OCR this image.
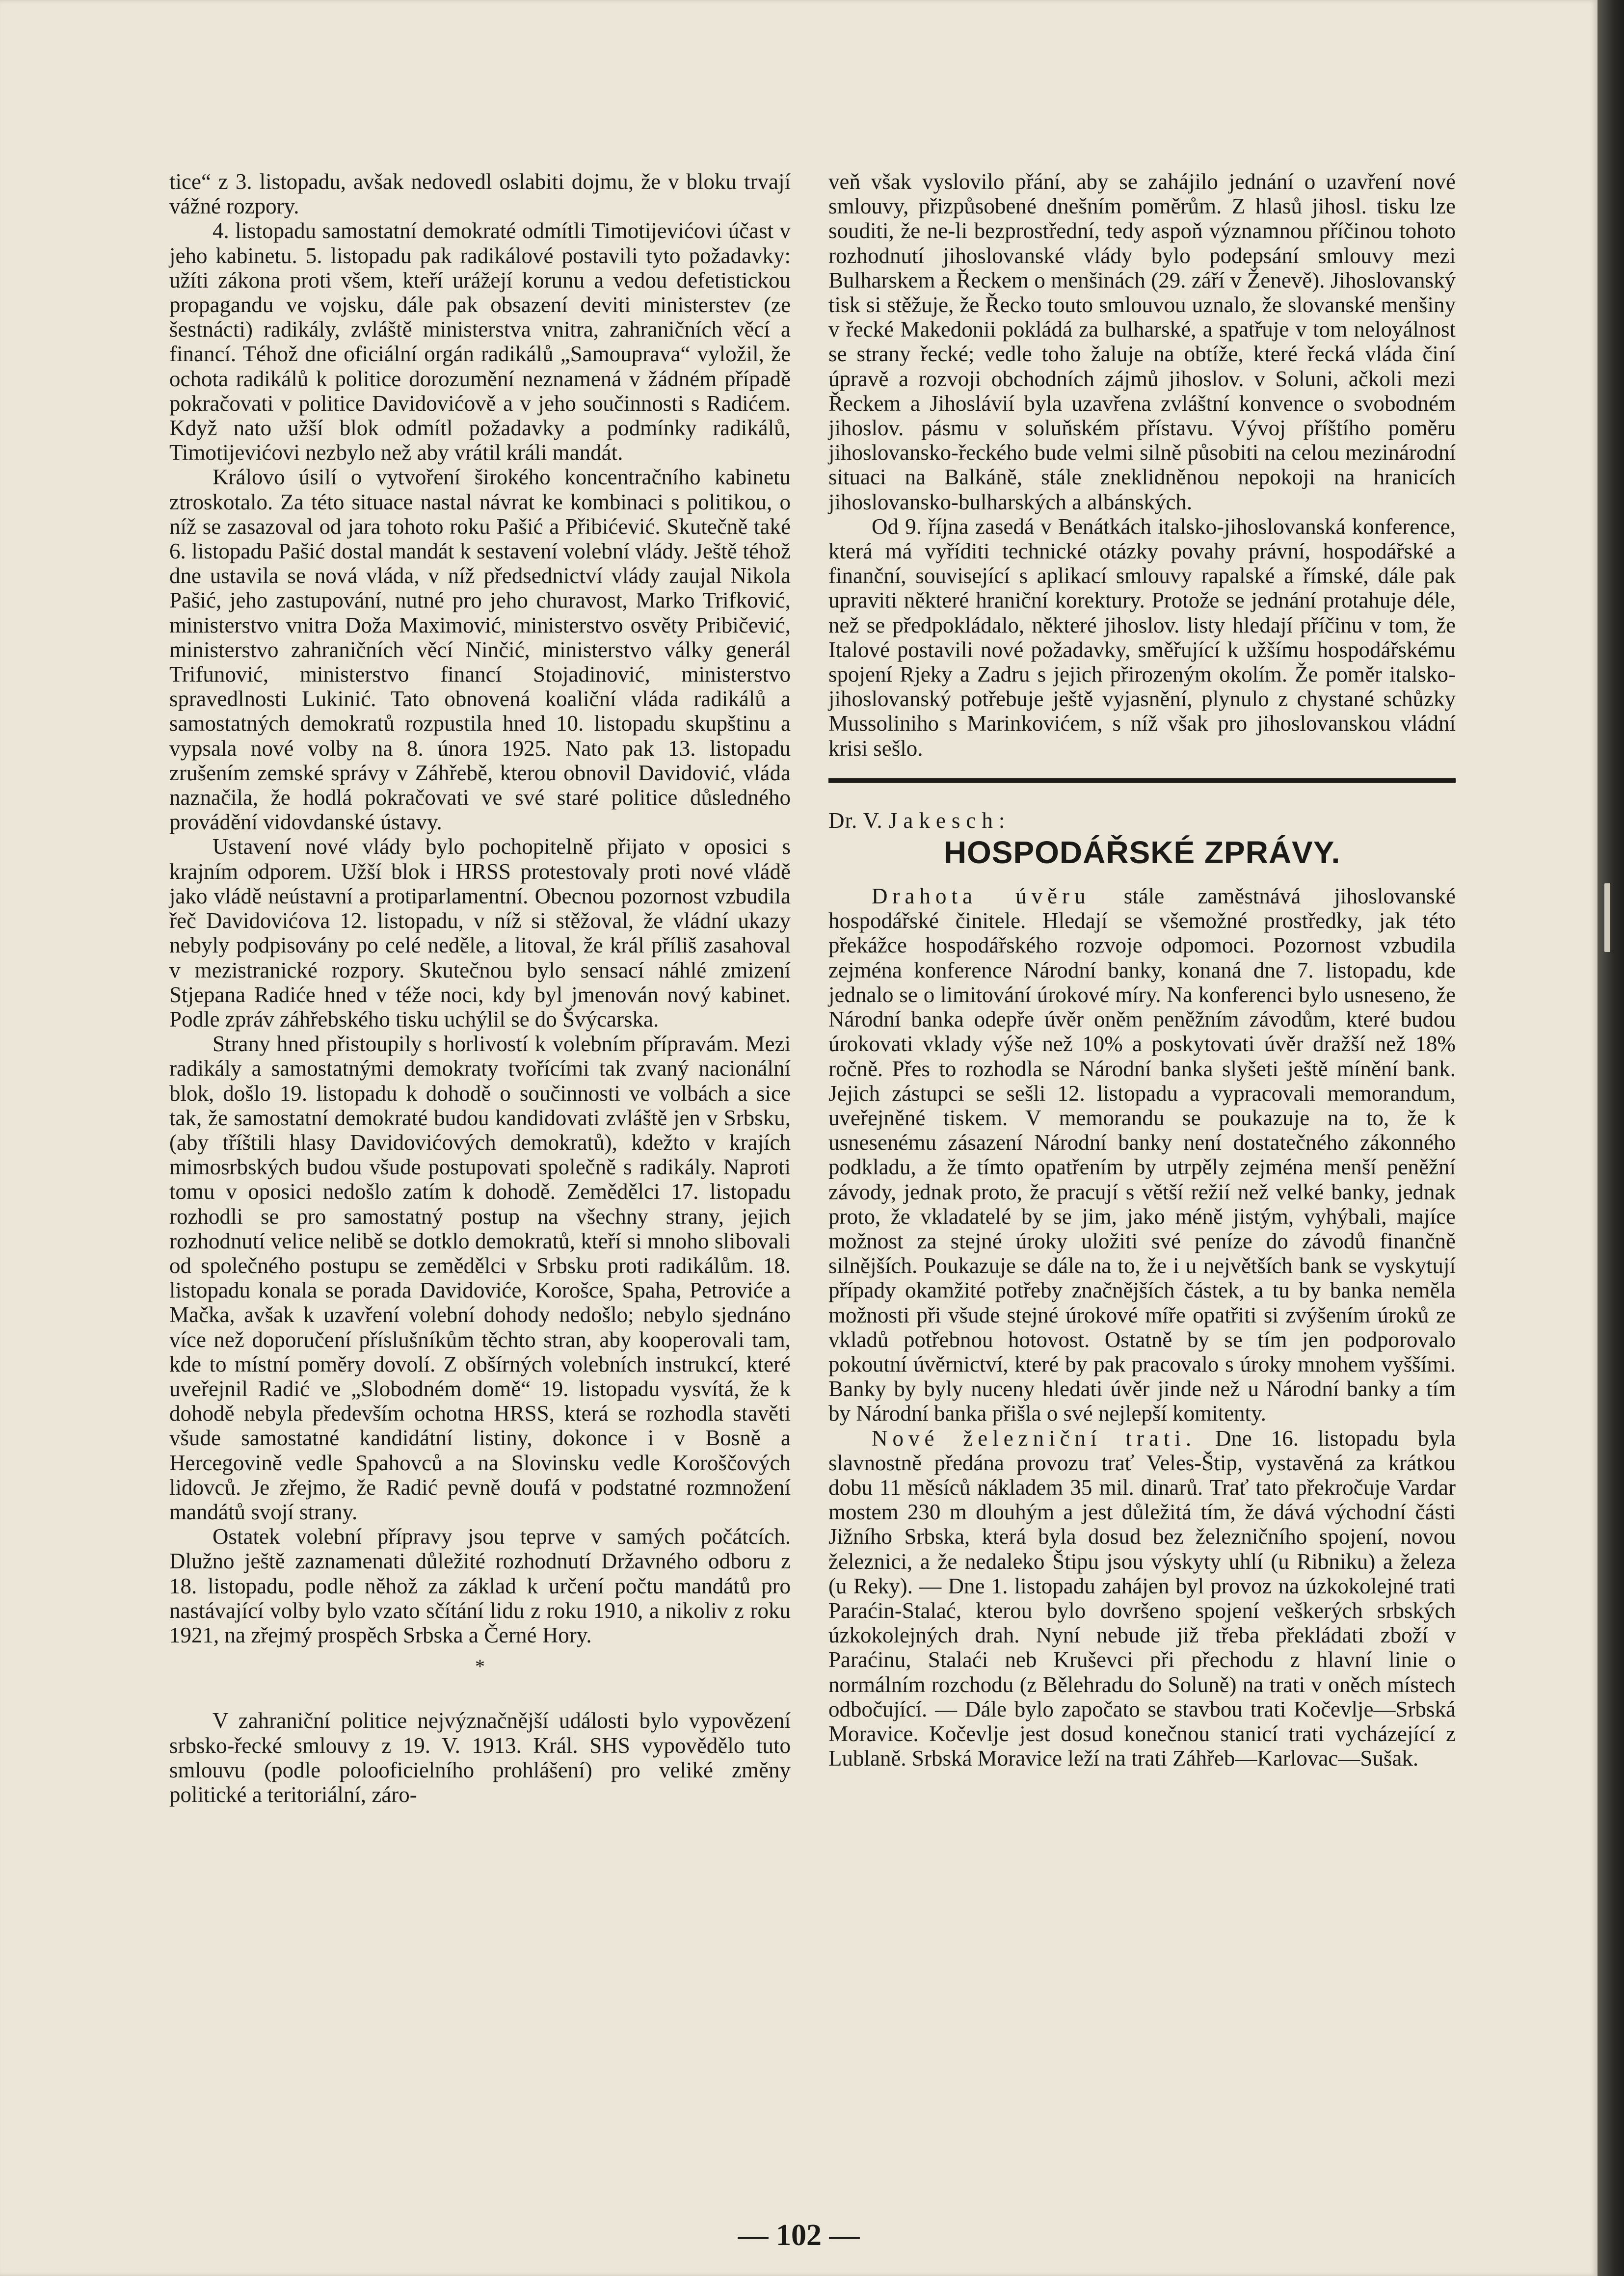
tice“ z 3. listopadu, avšak nedovedl oslabiti dojmu, že v bloku trvají vážné rozpory.

4. listopadu samostatní demokraté odmítli Timotijevićovi účast v jeho kabinetu. 5. listopadu pak radikálové postavili tyto požadavky: užíti zákona proti všem, kteří urážejí korunu a vedou defetistickou propagandu ve vojsku, dále pak obsazení deviti ministerstev (ze šestnácti) radikály, zvláště ministerstva vnitra, zahraničních věcí a financí. Téhož dne oficiální orgán radikálů „Samouprava“ vyložil, že ochota radikálů k politice dorozumění neznamená v žádném případě pokračovati v politice Davidovićově a v jeho součinnosti s Radićem. Když nato užší blok odmítl požadavky a podmínky radikálů, Timotijevićovi nezbylo než aby vrátil králi mandát.

Královo úsilí o vytvoření širokého koncentračního kabinetu ztroskotalo. Za této situace nastal návrat ke kombinaci s politikou, o níž se zasazoval od jara tohoto roku Pašić a Přibićević. Skutečně také 6. listopadu Pašić dostal mandát k sestavení volební vlády. Ještě téhož dne ustavila se nová vláda, v níž předsednictví vlády zaujal Nikola Pašić, jeho zastupování, nutné pro jeho churavost, Marko Trifković, ministerstvo vnitra Doža Maximović, ministerstvo osvěty Pribičević, ministerstvo zahraničních věcí Ninčić, ministerstvo války generál Trifunović, ministerstvo financí Stojadinović, ministerstvo spravedlnosti Lukinić. Tato obnovená koaliční vláda radikálů a samostatných demokratů rozpustila hned 10. listopadu skupštinu a vypsala nové volby na 8. února 1925. Nato pak 13. listopadu zrušením zemské správy v Záhřebě, kterou obnovil Davidović, vláda naznačila, že hodlá pokračovati ve své staré politice důsledného provádění vidovdanské ústavy.

Ustavení nové vlády bylo pochopitelně přijato v oposici s krajním odporem. Užší blok i HRSS protestovaly proti nové vládě jako vládě neústavní a protiparlamentní. Obecnou pozornost vzbudila řeč Davidovićova 12. listopadu, v níž si stěžoval, že vládní ukazy nebyly podpisovány po celé neděle, a litoval, že král příliš zasahoval v mezistranické rozpory. Skutečnou bylo sensací náhlé zmizení Stjepana Radiće hned v téže noci, kdy byl jmenován nový kabinet. Podle zpráv záhřebského tisku uchýlil se do Švýcarska.

Strany hned přistoupily s horlivostí k volebním přípravám. Mezi radikály a samostatnými demokraty tvořícími tak zvaný nacionální blok, došlo 19. listopadu k dohodě o součinnosti ve volbách a sice tak, že samostatní demokraté budou kandidovati zvláště jen v Srbsku, (aby tříštili hlasy Davidovićových demokratů), kdežto v krajích mimosrbských budou všude postupovati společně s radikály. Naproti tomu v oposici nedošlo zatím k dohodě. Zemědělci 17. listopadu rozhodli se pro samostatný postup na všechny strany, jejich rozhodnutí velice nelibě se dotklo demokratů, kteří si mnoho slibovali od společného postupu se zemědělci v Srbsku proti radikálům. 18. listopadu konala se porada Davidoviće, Korošce, Spaha, Petroviće a Mačka, avšak k uzavření volební dohody nedošlo; nebylo sjednáno více než doporučení příslušníkům těchto stran, aby kooperovali tam, kde to místní poměry dovolí. Z obšírných volebních instrukcí, které uveřejnil Radić ve „Slobodném domě“ 19. listopadu vysvítá, že k dohodě nebyla především ochotna HRSS, která se rozhodla stavěti všude samostatné kandidátní listiny, dokonce i v Bosně a Hercegovině vedle Spahovců a na Slovinsku vedle Koroščových lidovců. Je zřejmo, že Radić pevně doufá v podstatné rozmnožení mandátů svojí strany.

Ostatek volební přípravy jsou teprve v samých počátcích. Dlužno ještě zaznamenati důležité rozhodnutí Državného odboru z 18. listopadu, podle něhož za základ k určení počtu mandátů pro nastávající volby bylo vzato sčítání lidu z roku 1910, a nikoliv z roku 1921, na zřejmý prospěch Srbska a Černé Hory.

*

V zahraniční politice nejvýznačnější události bylo vypovězení srbsko-řecké smlouvy z 19. V. 1913. Král. SHS vypovědělo tuto smlouvu (podle polooficielního prohlášení) pro veliké změny politické a teritoriální, záro-

veň však vyslovilo přání, aby se zahájilo jednání o uzavření nové smlouvy, přizpůsobené dnešním poměrům. Z hlasů jihosl. tisku lze souditi, že ne-li bezprostřední, tedy aspoň významnou příčinou tohoto rozhodnutí jihoslovanské vlády bylo podepsání smlouvy mezi Bulharskem a Řeckem o menšinách (29. září v Ženevě). Jihoslovanský tisk si stěžuje, že Řecko touto smlouvou uznalo, že slovanské menšiny v řecké Makedonii pokládá za bulharské, a spatřuje v tom neloyálnost se strany řecké; vedle toho žaluje na obtíže, které řecká vláda činí úpravě a rozvoji obchodních zájmů jihoslov. v Soluni, ačkoli mezi Řeckem a Jihoslávií byla uzavřena zvláštní konvence o svobodném jihoslov. pásmu v soluňském přístavu. Vývoj příštího poměru jihoslovansko-řeckého bude velmi silně působiti na celou mezinárodní situaci na Balkáně, stále zneklidněnou nepokoji na hranicích jihoslovansko-bulharských a albánských.

Od 9. října zasedá v Benátkách italsko-jihoslovanská konference, která má vyříditi technické otázky povahy právní, hospodářské a finanční, související s aplikací smlouvy rapalské a římské, dále pak upraviti některé hraniční korektury. Protože se jednání protahuje déle, než se předpokládalo, některé jihoslov. listy hledají příčinu v tom, že Italové postavili nové požadavky, směřující k užšímu hospodářskému spojení Rjeky a Zadru s jejich přirozeným okolím. Že poměr italsko-jihoslovanský potřebuje ještě vyjasnění, plynulo z chystané schůzky Mussoliniho s Marinkovićem, s níž však pro jihoslovanskou vládní krisi sešlo.

Dr. V. Jakesch:

HOSPODÁŘSKÉ ZPRÁVY.

Drahota úvěru stále zaměstnává jihoslovanské hospodářské činitele. Hledají se všemožné prostředky, jak této překážce hospodářského rozvoje odpomoci. Pozornost vzbudila zejména konference Národní banky, konaná dne 7. listopadu, kde jednalo se o limitování úrokové míry. Na konferenci bylo usneseno, že Národní banka odepře úvěr oněm peněžním závodům, které budou úrokovati vklady výše než 10% a poskytovati úvěr dražší než 18% ročně. Přes to rozhodla se Národní banka slyšeti ještě mínění bank. Jejich zástupci se sešli 12. listopadu a vypracovali memorandum, uveřejněné tiskem. V memorandu se poukazuje na to, že k usnesenému zásazení Národní banky není dostatečného zákonného podkladu, a že tímto opatřením by utrpěly zejména menší peněžní závody, jednak proto, že pracují s větší režií než velké banky, jednak proto, že vkladatelé by se jim, jako méně jistým, vyhýbali, majíce možnost za stejné úroky uložiti své peníze do závodů finančně silnějších. Poukazuje se dále na to, že i u největších bank se vyskytují případy okamžité potřeby značnějších částek, a tu by banka neměla možnosti při všude stejné úrokové míře opatřiti si zvýšením úroků ze vkladů potřebnou hotovost. Ostatně by se tím jen podporovalo pokoutní úvěrnictví, které by pak pracovalo s úroky mnohem vyššími. Banky by byly nuceny hledati úvěr jinde než u Národní banky a tím by Národní banka přišla o své nejlepší komitenty.

Nové železniční trati. Dne 16. listopadu byla slavnostně předána provozu trať Veles-Štip, vystavěná za krátkou dobu 11 měsíců nákladem 35 mil. dinarů. Trať tato překročuje Vardar mostem 230 m dlouhým a jest důležitá tím, že dává východní části Jižního Srbska, která byla dosud bez železničního spojení, novou železnici, a že nedaleko Štipu jsou výskyty uhlí (u Ribniku) a železa (u Reky). — Dne 1. listopadu zahájen byl provoz na úzkokolejné trati Paraćin-Stalać, kterou bylo dovršeno spojení veškerých srbských úzkokolejných drah. Nyní nebude již třeba překládati zboží v Paraćinu, Stalaći neb Kruševci při přechodu z hlavní linie o normálním rozchodu (z Bělehradu do Soluně) na trati v oněch místech odbočující. — Dále bylo započato se stavbou trati Kočevlje—Srbská Moravice. Kočevlje jest dosud konečnou stanicí trati vycházející z Lublaně. Srbská Moravice leží na trati Záhřeb—Karlovac—Sušak.

— 102 —
